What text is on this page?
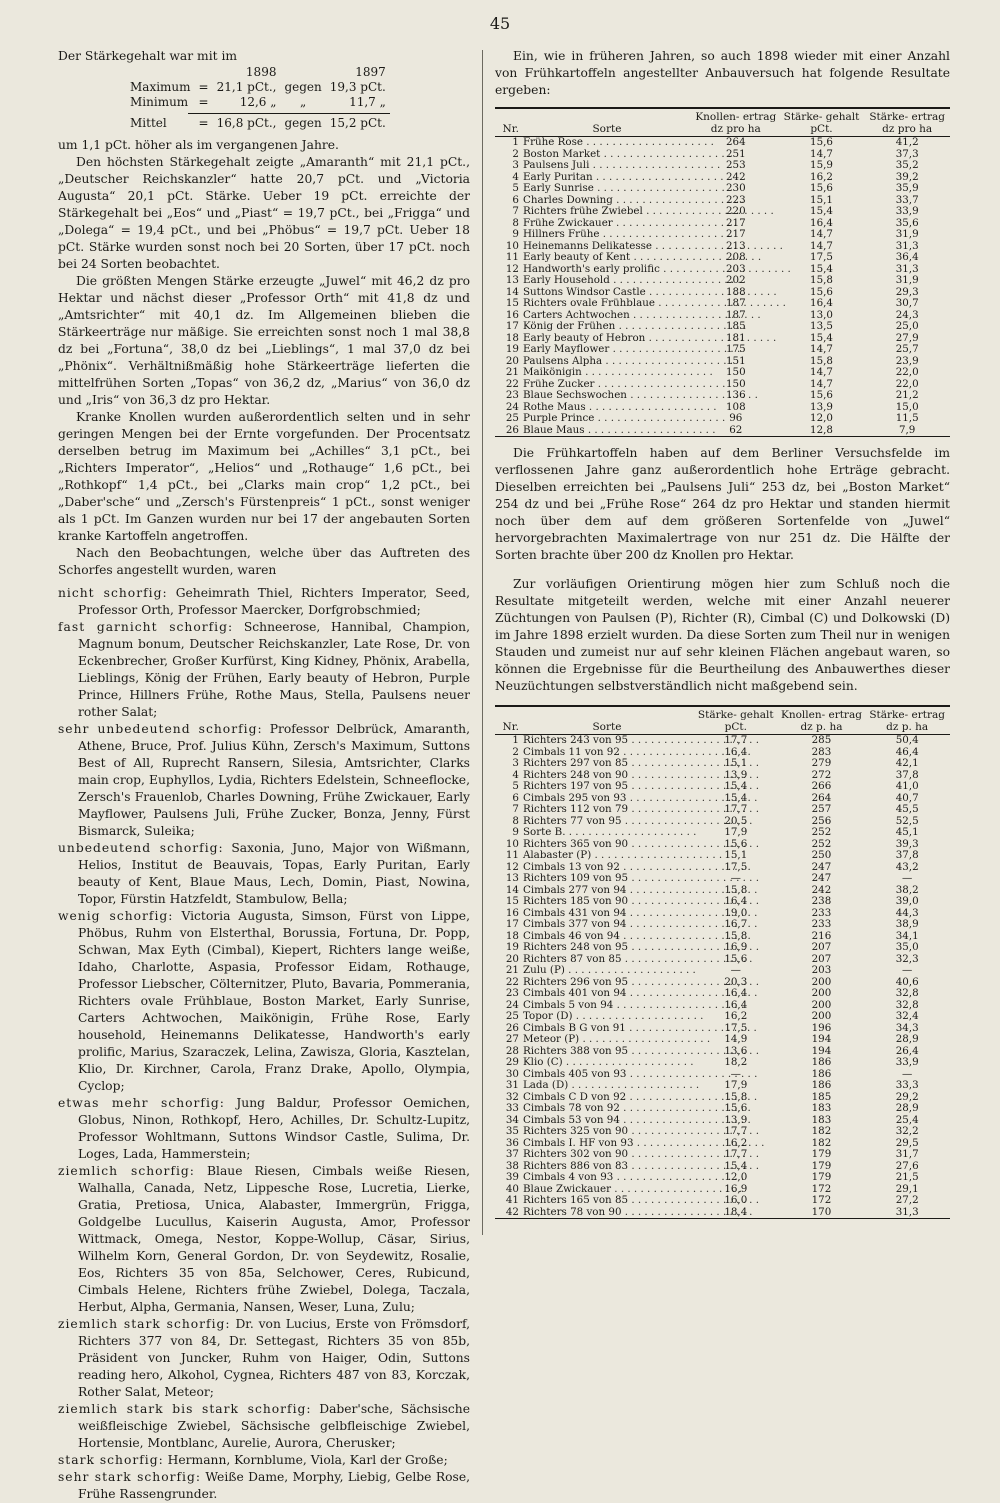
45

Der Stärkegehalt war mit im

		1898		1897
Maximum	=	21,1 pCt.,	gegen	19,3 pCt.
Minimum	=	12,6 „	„	11,7 „

Mittel	=	16,8 pCt.,	gegen	15,2 pCt.

um 1,1 pCt. höher als im vergangenen Jahre.

Den höchsten Stärkegehalt zeigte „Amaranth“ mit 21,1 pCt., „Deutscher Reichskanzler“ hatte 20,7 pCt. und „Victoria Augusta“ 20,1 pCt. Stärke. Ueber 19 pCt. erreichte der Stärkegehalt bei „Eos“ und „Piast“ = 19,7 pCt., bei „Frigga“ und „Dolega“ = 19,4 pCt., und bei „Phöbus“ = 19,7 pCt. Ueber 18 pCt. Stärke wurden sonst noch bei 20 Sorten, über 17 pCt. noch bei 24 Sorten beobachtet.

Die größten Mengen Stärke erzeugte „Juwel“ mit 46,2 dz pro Hektar und nächst dieser „Professor Orth“ mit 41,8 dz und „Amtsrichter“ mit 40,1 dz. Im Allgemeinen blieben die Stärkeerträge nur mäßige. Sie erreichten sonst noch 1 mal 38,8 dz bei „Fortuna“, 38,0 dz bei „Lieblings“, 1 mal 37,0 dz bei „Phönix“. Verhältnißmäßig hohe Stärkeerträge lieferten die mittelfrühen Sorten „Topas“ von 36,2 dz, „Marius“ von 36,0 dz und „Iris“ von 36,3 dz pro Hektar.

Kranke Knollen wurden außerordentlich selten und in sehr geringen Mengen bei der Ernte vorgefunden. Der Procentsatz derselben betrug im Maximum bei „Achilles“ 3,1 pCt., bei „Richters Imperator“, „Helios“ und „Rothauge“ 1,6 pCt., bei „Rothkopf“ 1,4 pCt., bei „Clarks main crop“ 1,2 pCt., bei „Daber'sche“ und „Zersch's Fürstenpreis“ 1 pCt., sonst weniger als 1 pCt. Im Ganzen wurden nur bei 17 der angebauten Sorten kranke Kartoffeln angetroffen.

Nach den Beobachtungen, welche über das Auftreten des Schorfes angestellt wurden, waren

nicht schorfig: Geheimrath Thiel, Richters Imperator, Seed, Professor Orth, Professor Maercker, Dorfgrobschmied;

fast garnicht schorfig: Schneerose, Hannibal, Champion, Magnum bonum, Deutscher Reichskanzler, Late Rose, Dr. von Eckenbrecher, Großer Kurfürst, King Kidney, Phönix, Arabella, Lieblings, König der Frühen, Early beauty of Hebron, Purple Prince, Hillners Frühe, Rothe Maus, Stella, Paulsens neuer rother Salat;

sehr unbedeutend schorfig: Professor Delbrück, Amaranth, Athene, Bruce, Prof. Julius Kühn, Zersch's Maximum, Suttons Best of All, Ruprecht Ransern, Silesia, Amtsrichter, Clarks main crop, Euphyllos, Lydia, Richters Edelstein, Schneeflocke, Zersch's Frauenlob, Charles Downing, Frühe Zwickauer, Early Mayflower, Paulsens Juli, Frühe Zucker, Bonza, Jenny, Fürst Bismarck, Suleika;

unbedeutend schorfig: Saxonia, Juno, Major von Wißmann, Helios, Institut de Beauvais, Topas, Early Puritan, Early beauty of Kent, Blaue Maus, Lech, Domin, Piast, Nowina, Topor, Fürstin Hatzfeldt, Stambulow, Bella;

wenig schorfig: Victoria Augusta, Simson, Fürst von Lippe, Phöbus, Ruhm von Elsterthal, Borussia, Fortuna, Dr. Popp, Schwan, Max Eyth (Cimbal), Kiepert, Richters lange weiße, Idaho, Charlotte, Aspasia, Professor Eidam, Rothauge, Professor Liebscher, Cölternitzer, Pluto, Bavaria, Pommerania, Richters ovale Frühblaue, Boston Market, Early Sunrise, Carters Achtwochen, Maikönigin, Frühe Rose, Early household, Heinemanns Delikatesse, Handworth's early prolific, Marius, Szaraczek, Lelina, Zawisza, Gloria, Kasztelan, Klio, Dr. Kirchner, Carola, Franz Drake, Apollo, Olympia, Cyclop;

etwas mehr schorfig: Jung Baldur, Professor Oemichen, Globus, Ninon, Rothkopf, Hero, Achilles, Dr. Schultz-Lupitz, Professor Wohltmann, Suttons Windsor Castle, Sulima, Dr. Loges, Lada, Hammerstein;

ziemlich schorfig: Blaue Riesen, Cimbals weiße Riesen, Walhalla, Canada, Netz, Lippesche Rose, Lucretia, Lierke, Gratia, Pretiosa, Unica, Alabaster, Immergrün, Frigga, Goldgelbe Lucullus, Kaiserin Augusta, Amor, Professor Wittmack, Omega, Nestor, Koppe-Wollup, Cäsar, Sirius, Wilhelm Korn, General Gordon, Dr. von Seydewitz, Rosalie, Eos, Richters 35 von 85a, Selchower, Ceres, Rubicund, Cimbals Helene, Richters frühe Zwiebel, Dolega, Taczala, Herbut, Alpha, Germania, Nansen, Weser, Luna, Zulu;

ziemlich stark schorfig: Dr. von Lucius, Erste von Frömsdorf, Richters 377 von 84, Dr. Settegast, Richters 35 von 85b, Präsident von Juncker, Ruhm von Haiger, Odin, Suttons reading hero, Alkohol, Cygnea, Richters 487 von 83, Korczak, Rother Salat, Meteor;

ziemlich stark bis stark schorfig: Daber'sche, Sächsische weißfleischige Zwiebel, Sächsische gelbfleischige Zwiebel, Hortensie, Montblanc, Aurelie, Aurora, Cherusker;

stark schorfig: Hermann, Kornblume, Viola, Karl der Große;

sehr stark schorfig: Weiße Dame, Morphy, Liebig, Gelbe Rose, Frühe Rassengrunder.

Ein, wie in früheren Jahren, so auch 1898 wieder mit einer Anzahl von Frühkartoffeln angestellter Anbauversuch hat folgende Resultate ergeben:

Nr.	Sorte	Knollen- ertrag dz pro ha	Stärke- gehalt pCt.	Stärke- ertrag dz pro ha
1	Frühe Rose . . .	264	15,6	41,2
2	Boston Market . . .	251	14,7	37,3
3	Paulsens Juli . . .	253	15,9	35,2
4	Early Puritan . . .	242	16,2	39,2
5	Early Sunrise . . .	230	15,6	35,9
6	Charles Downing . . .	223	15,1	33,7
7	Richters frühe Zwiebel . . .	220	15,4	33,9
8	Frühe Zwickauer . . .	217	16,4	35,6
9	Hillners Frühe . . .	217	14,7	31,9
10	Heinemanns Delikatesse . . .	213	14,7	31,3
11	Early beauty of Kent . . .	208	17,5	36,4
12	Handworth's early prolific . . .	203	15,4	31,3
13	Early Household . . .	202	15,8	31,9
14	Suttons Windsor Castle . . .	188	15,6	29,3
15	Richters ovale Frühblaue . . .	187	16,4	30,7
16	Carters Achtwochen . . .	187	13,0	24,3
17	König der Frühen . . .	185	13,5	25,0
18	Early beauty of Hebron . . .	181	15,4	27,9
19	Early Mayflower . . .	175	14,7	25,7
20	Paulsens Alpha . . .	151	15,8	23,9
21	Maikönigin . . .	150	14,7	22,0
22	Frühe Zucker . . .	150	14,7	22,0
23	Blaue Sechswochen . . .	136	15,6	21,2
24	Rothe Maus . . .	108	13,9	15,0
25	Purple Prince . . .	96	12,0	11,5
26	Blaue Maus . . .	62	12,8	7,9

Die Frühkartoffeln haben auf dem Berliner Versuchsfelde im verflossenen Jahre ganz außerordentlich hohe Erträge gebracht. Dieselben erreichten bei „Paulsens Juli“ 253 dz, bei „Boston Market“ 254 dz und bei „Frühe Rose“ 264 dz pro Hektar und standen hiermit noch über dem auf dem größeren Sortenfelde von „Juwel“ hervorgebrachten Maximalertrage von nur 251 dz. Die Hälfte der Sorten brachte über 200 dz Knollen pro Hektar.

Zur vorläufigen Orientirung mögen hier zum Schluß noch die Resultate mitgeteilt werden, welche mit einer Anzahl neuerer Züchtungen von Paulsen (P), Richter (R), Cimbal (C) und Dolkowski (D) im Jahre 1898 erzielt wurden. Da diese Sorten zum Theil nur in wenigen Stauden und zumeist nur auf sehr kleinen Flächen angebaut waren, so können die Ergebnisse für die Beurtheilung des Anbauwerthes dieser Neuzüchtungen selbstverständlich nicht maßgebend sein.

Nr.	Sorte	Stärke- gehalt pCt.	Knollen- ertrag dz p. ha	Stärke- ertrag dz p. ha
1	Richters 243 von 95 . . .	17,7	285	50,4
2	Cimbals 11 von 92 . . .	16,4	283	46,4
3	Richters 297 von 85 . . .	15,1	279	42,1
4	Richters 248 von 90 . . .	13,9	272	37,8
5	Richters 197 von 95 . . .	15,4	266	41,0
6	Cimbals 295 von 93 . . .	15,4	264	40,7
7	Richters 112 von 79 . . .	17,7	257	45,5
8	Richters 77 von 95 . . .	20,5	256	52,5
9	Sorte B. . . .	17,9	252	45,1
10	Richters 365 von 90 . . .	15,6	252	39,3
11	Alabaster (P) . . .	15,1	250	37,8
12	Cimbals 13 von 92 . . .	17,5	247	43,2
13	Richters 109 von 95 . . .	—	247	—
14	Cimbals 277 von 94 . . .	15,8	242	38,2
15	Richters 185 von 90 . . .	16,4	238	39,0
16	Cimbals 431 von 94 . . .	19,0	233	44,3
17	Cimbals 377 von 94 . . .	16,7	233	38,9
18	Cimbals 46 von 94 . . .	15,8	216	34,1
19	Richters 248 von 95 . . .	16,9	207	35,0
20	Richters 87 von 85 . . .	15,6	207	32,3
21	Zulu (P) . . .	—	203	—
22	Richters 296 von 95 . . .	20,3	200	40,6
23	Cimbals 401 von 94 . . .	16,4	200	32,8
24	Cimbals 5 von 94 . . .	16,4	200	32,8
25	Topor (D) . . .	16,2	200	32,4
26	Cimbals B G von 91 . . .	17,5	196	34,3
27	Meteor (P) . . .	14,9	194	28,9
28	Richters 388 von 95 . . .	13,6	194	26,4
29	Klio (C) . . .	18,2	186	33,9
30	Cimbals 405 von 93 . . .	—	186	—
31	Lada (D) . . .	17,9	186	33,3
32	Cimbals C D von 92 . . .	15,8	185	29,2
33	Cimbals 78 von 92 . . .	15,6	183	28,9
34	Cimbals 53 von 94 . . .	13,9	183	25,4
35	Richters 325 von 90 . . .	17,7	182	32,2
36	Cimbals I. HF von 93 . . .	16,2	182	29,5
37	Richters 302 von 90 . . .	17,7	179	31,7
38	Richters 886 von 83 . . .	15,4	179	27,6
39	Cimbals 4 von 93 . . .	12,0	179	21,5
40	Blaue Zwickauer . . .	16,9	172	29,1
41	Richters 165 von 85 . . .	16,0	172	27,2
42	Richters 78 von 90 . . .	18,4	170	31,3
